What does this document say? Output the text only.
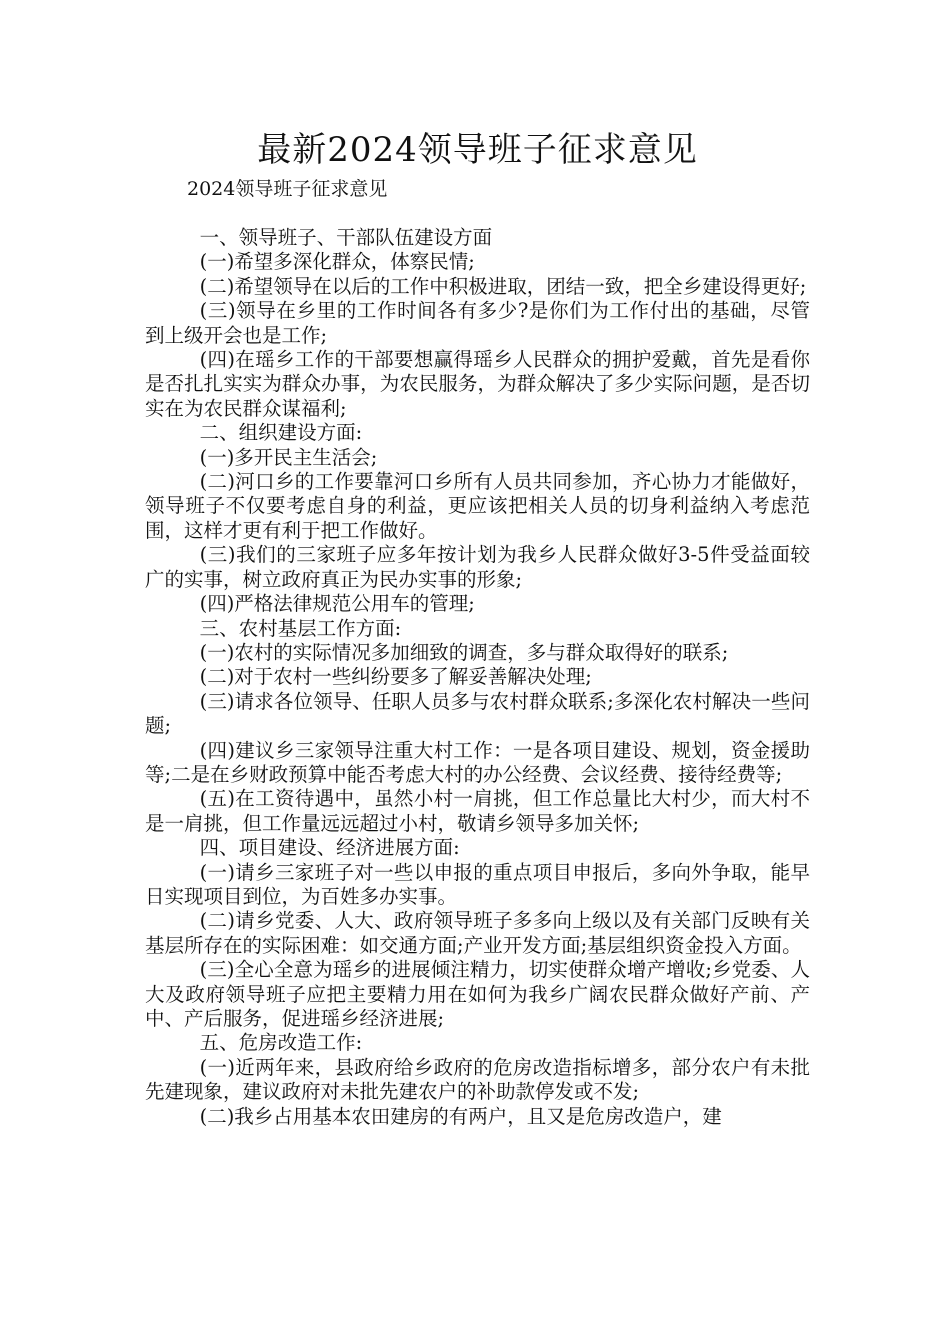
最新2024领导班子征求意见
2024领导班子征求意见

一、领导班子、干部队伍建设方面

(一)希望多深化群众，体察民情;

(二)希望领导在以后的工作中积极进取，团结一致，把全乡建设得更好;

(三)领导在乡里的工作时间各有多少?是你们为工作付出的基础，尽管到上级开会也是工作;

(四)在瑶乡工作的干部要想赢得瑶乡人民群众的拥护爱戴，首先是看你是否扎扎实实为群众办事，为农民服务，为群众解决了多少实际问题，是否切实在为农民群众谋福利;

二、组织建设方面:

(一)多开民主生活会;

(二)河口乡的工作要靠河口乡所有人员共同参加，齐心协力才能做好，领导班子不仅要考虑自身的利益，更应该把相关人员的切身利益纳入考虑范围，这样才更有利于把工作做好。

(三)我们的三家班子应多年按计划为我乡人民群众做好3-5件受益面较广的实事，树立政府真正为民办实事的形象;

(四)严格法律规范公用车的管理;

三、农村基层工作方面:

(一)农村的实际情况多加细致的调查，多与群众取得好的联系;

(二)对于农村一些纠纷要多了解妥善解决处理;

(三)请求各位领导、任职人员多与农村群众联系;多深化农村解决一些问题;

(四)建议乡三家领导注重大村工作：一是各项目建设、规划，资金援助等;二是在乡财政预算中能否考虑大村的办公经费、会议经费、接待经费等;

(五)在工资待遇中，虽然小村一肩挑，但工作总量比大村少，而大村不是一肩挑，但工作量远远超过小村，敬请乡领导多加关怀;

四、项目建设、经济进展方面:

(一)请乡三家班子对一些以申报的重点项目申报后，多向外争取，能早日实现项目到位，为百姓多办实事。

(二)请乡党委、人大、政府领导班子多多向上级以及有关部门反映有关基层所存在的实际困难：如交通方面;产业开发方面;基层组织资金投入方面。

(三)全心全意为瑶乡的进展倾注精力，切实使群众增产增收;乡党委、人大及政府领导班子应把主要精力用在如何为我乡广阔农民群众做好产前、产中、产后服务，促进瑶乡经济进展;

五、危房改造工作:

(一)近两年来，县政府给乡政府的危房改造指标增多，部分农户有未批先建现象，建议政府对未批先建农户的补助款停发或不发;

(二)我乡占用基本农田建房的有两户，且又是危房改造户，建
